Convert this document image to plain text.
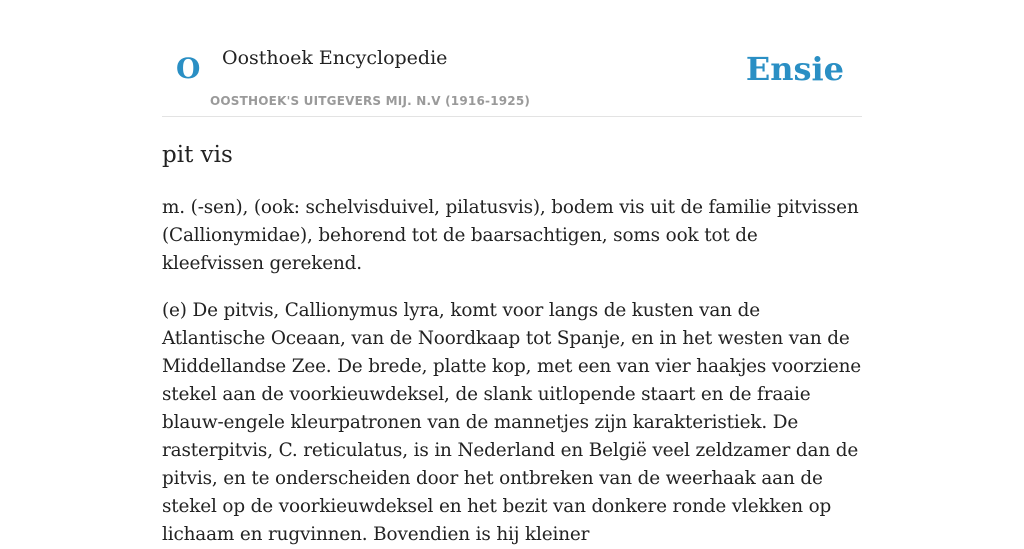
O Oosthoek Encyclopedie
OOSTHOEK'S UITGEVERS MIJ. N.V (1916-1925)
Ensie
pit vis

m. (-sen), (ook: schelvisduivel, pilatusvis), bodem vis uit de familie pitvissen (Callionymidae), behorend tot de baarsachtigen, soms ook tot de kleefvissen gerekend.

(e) De pitvis, Callionymus lyra, komt voor langs de kusten van de Atlantische Oceaan, van de Noordkaap tot Spanje, en in het westen van de Middellandse Zee. De brede, platte kop, met een van vier haakjes voorziene stekel aan de voorkieuwdeksel, de slank uitlopende staart en de fraaie blauw-engele kleurpatronen van de mannetjes zijn karakteristiek. De rasterpitvis, C. reticulatus, is in Nederland en België veel zeldzamer dan de pitvis, en te onderscheiden door het ontbreken van de weerhaak aan de stekel op de voorkieuwdeksel en het bezit van donkere ronde vlekken op lichaam en rugvinnen. Bovendien is hij kleiner
